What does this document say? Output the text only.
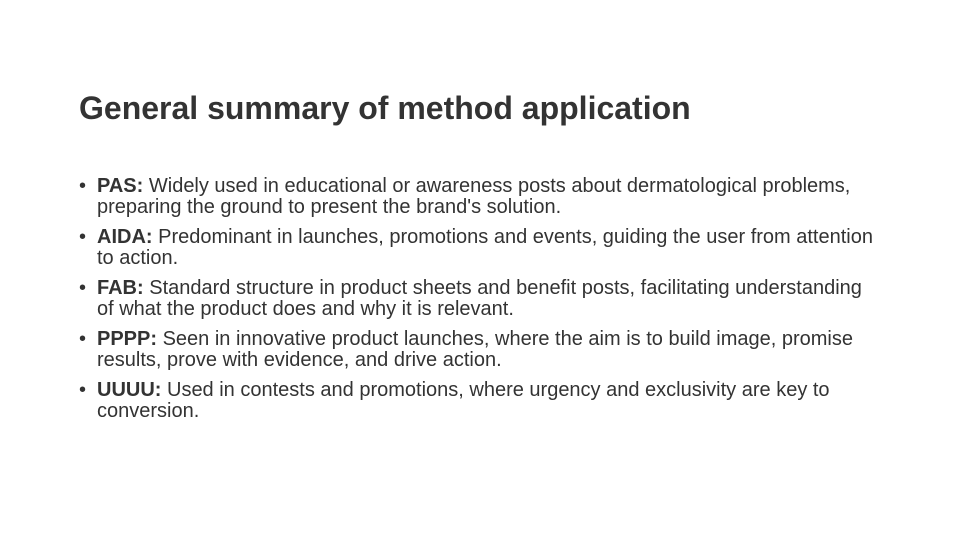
General summary of method application
• PAS: Widely used in educational or awareness posts about dermatological problems, preparing the ground to present the brand's solution.
• AIDA: Predominant in launches, promotions and events, guiding the user from attention to action.
• FAB: Standard structure in product sheets and benefit posts, facilitating understanding of what the product does and why it is relevant.
• PPPP: Seen in innovative product launches, where the aim is to build image, promise results, prove with evidence, and drive action.
• UUUU: Used in contests and promotions, where urgency and exclusivity are key to conversion.
